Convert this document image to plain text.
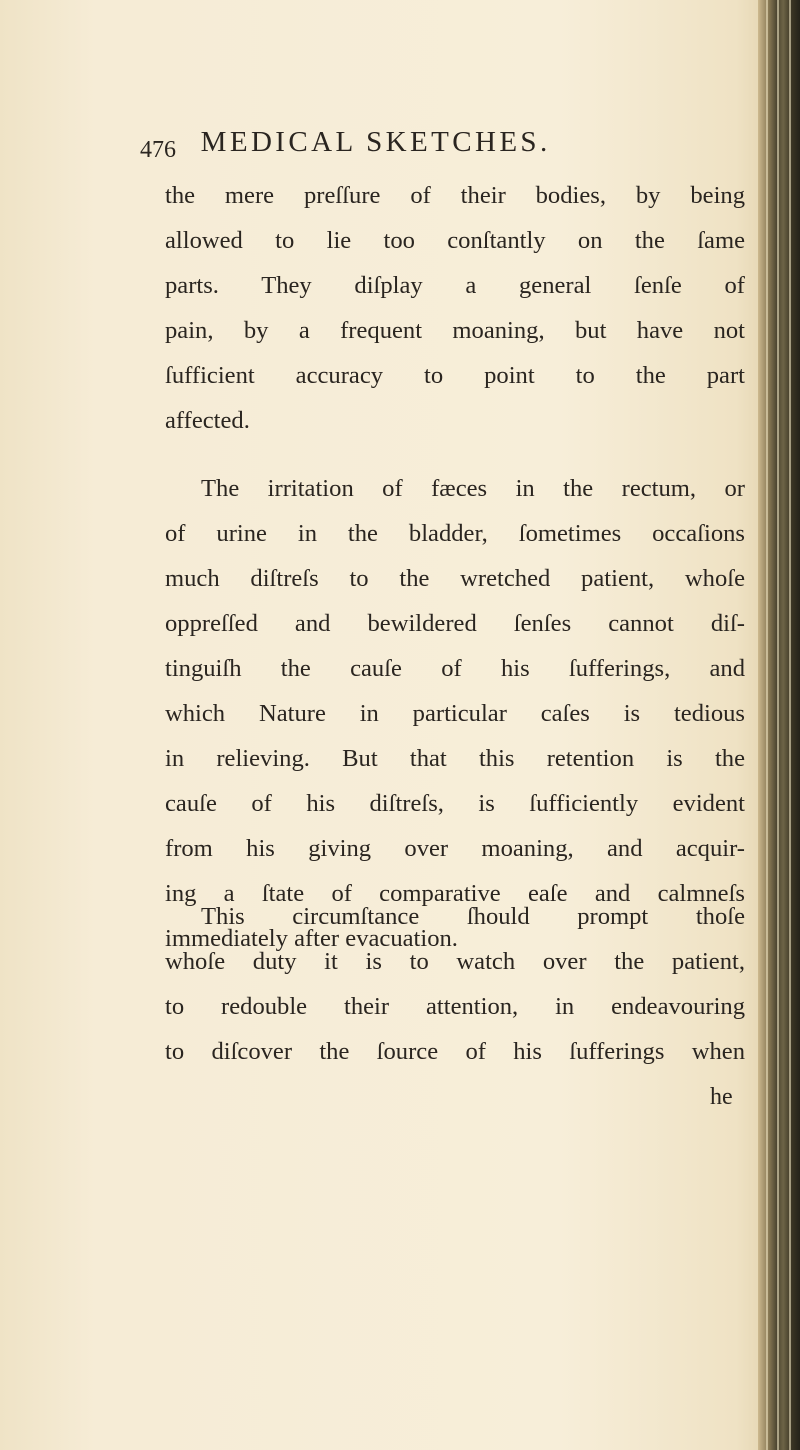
476 MEDICAL SKETCHES.
the mere preſſure of their bodies, by being
allowed to lie too conſtantly on the ſame
parts. They diſplay a general ſenſe of
pain, by a frequent moaning, but have not
ſufficient accuracy to point to the part
affected.
The irritation of fæces in the rectum, or
of urine in the bladder, ſometimes occaſions
much diſtreſs to the wretched patient, whoſe
oppreſſed and bewildered ſenſes cannot diſ-
tinguiſh the cauſe of his ſufferings, and
which Nature in particular caſes is tedious
in relieving. But that this retention is the
cauſe of his diſtreſs, is ſufficiently evident
from his giving over moaning, and acquir-
ing a ſtate of comparative eaſe and calmneſs
immediately after evacuation.
This circumſtance ſhould prompt thoſe
whoſe duty it is to watch over the patient,
to redouble their attention, in endeavouring
to diſcover the ſource of his ſufferings when
he
